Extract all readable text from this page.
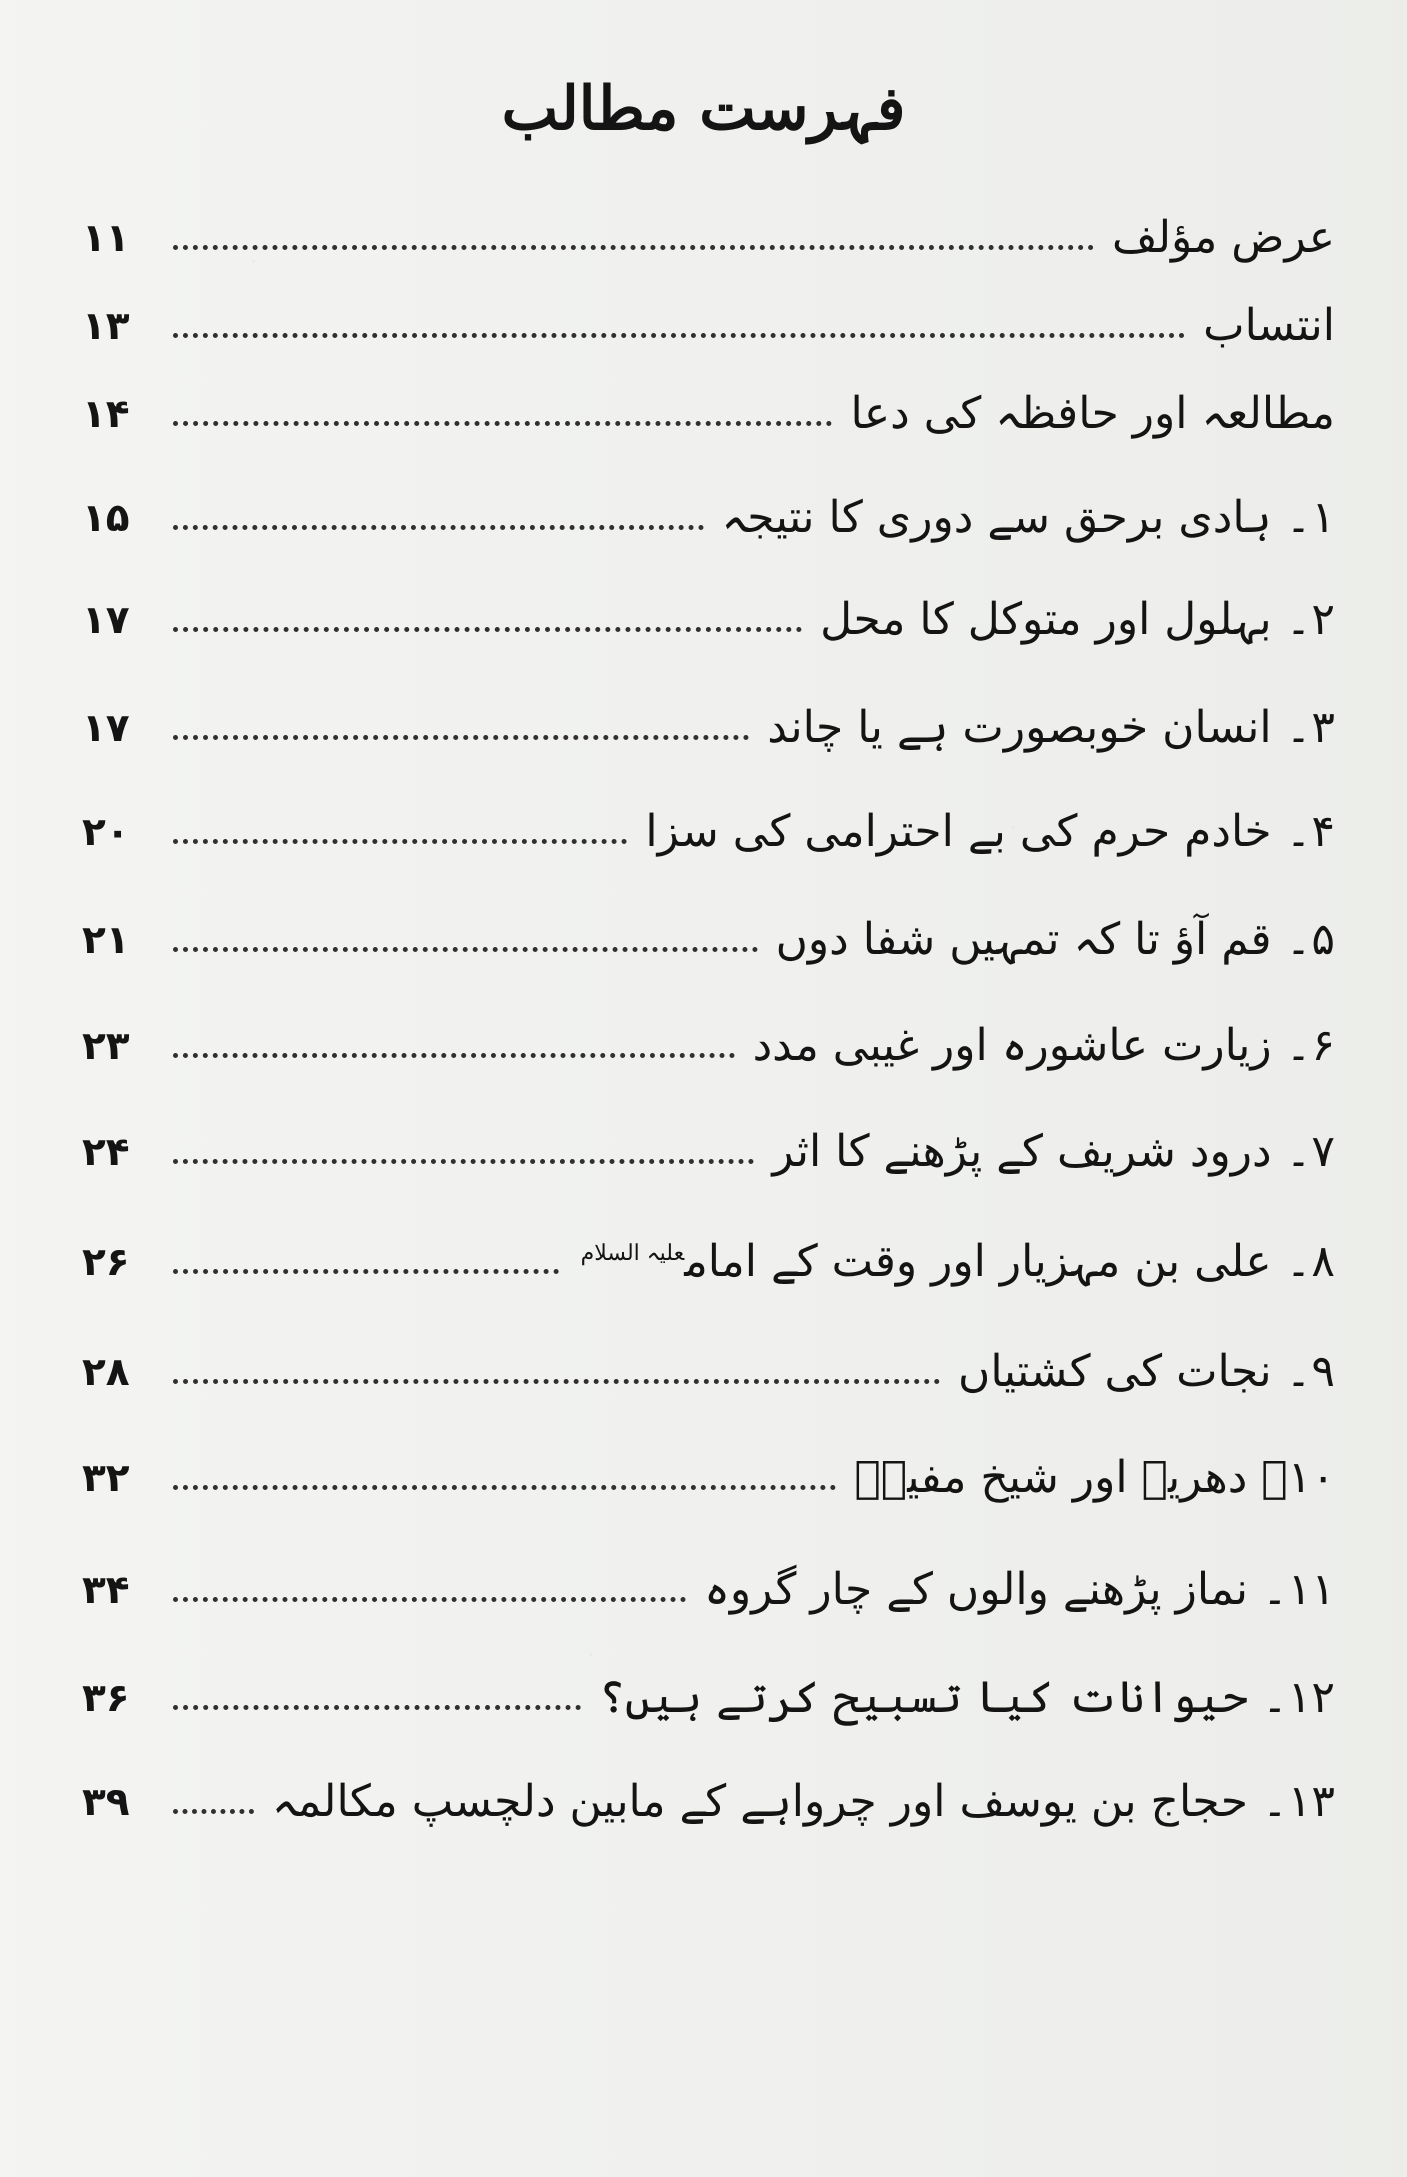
فہرست مطالب
۱۱	عرض مؤلف
۱۳	انتساب
۱۴	مطالعہ اور حافظہ کی دعا
۱۵	۱۔ ہادی برحق سے دوری کا نتیجہ
۱۷	۲۔ بہلول اور متوکل کا محل
۱۷	۳۔ انسان خوبصورت ہے یا چاند
۲۰	۴۔ خادم حرم کی بے احترامی کی سزا
۲۱	۵۔ قم آؤ تا کہ تمہیں شفا دوں
۲۳	۶۔ زیارت عاشورہ اور غیبی مدد
۲۴	۷۔ درود شریف کے پڑھنے کا اثر
۲۶	۸۔ علی بن مہزیار اور وقت کے امام$^{علیہ السلام}$
۲۸	۹۔ نجات کی کشتیاں
۳۲	۱۰۔ دھریہ اور شیخ مفیدؒ
۳۴	۱۱۔ نماز پڑھنے والوں کے چار گروہ
۳۶	۱۲۔ حیوانات کیا تسبیح کرتے ہیں؟
۳۹	۱۳۔ حجاج بن یوسف اور چرواہے کے مابین دلچسپ مکالمہ
